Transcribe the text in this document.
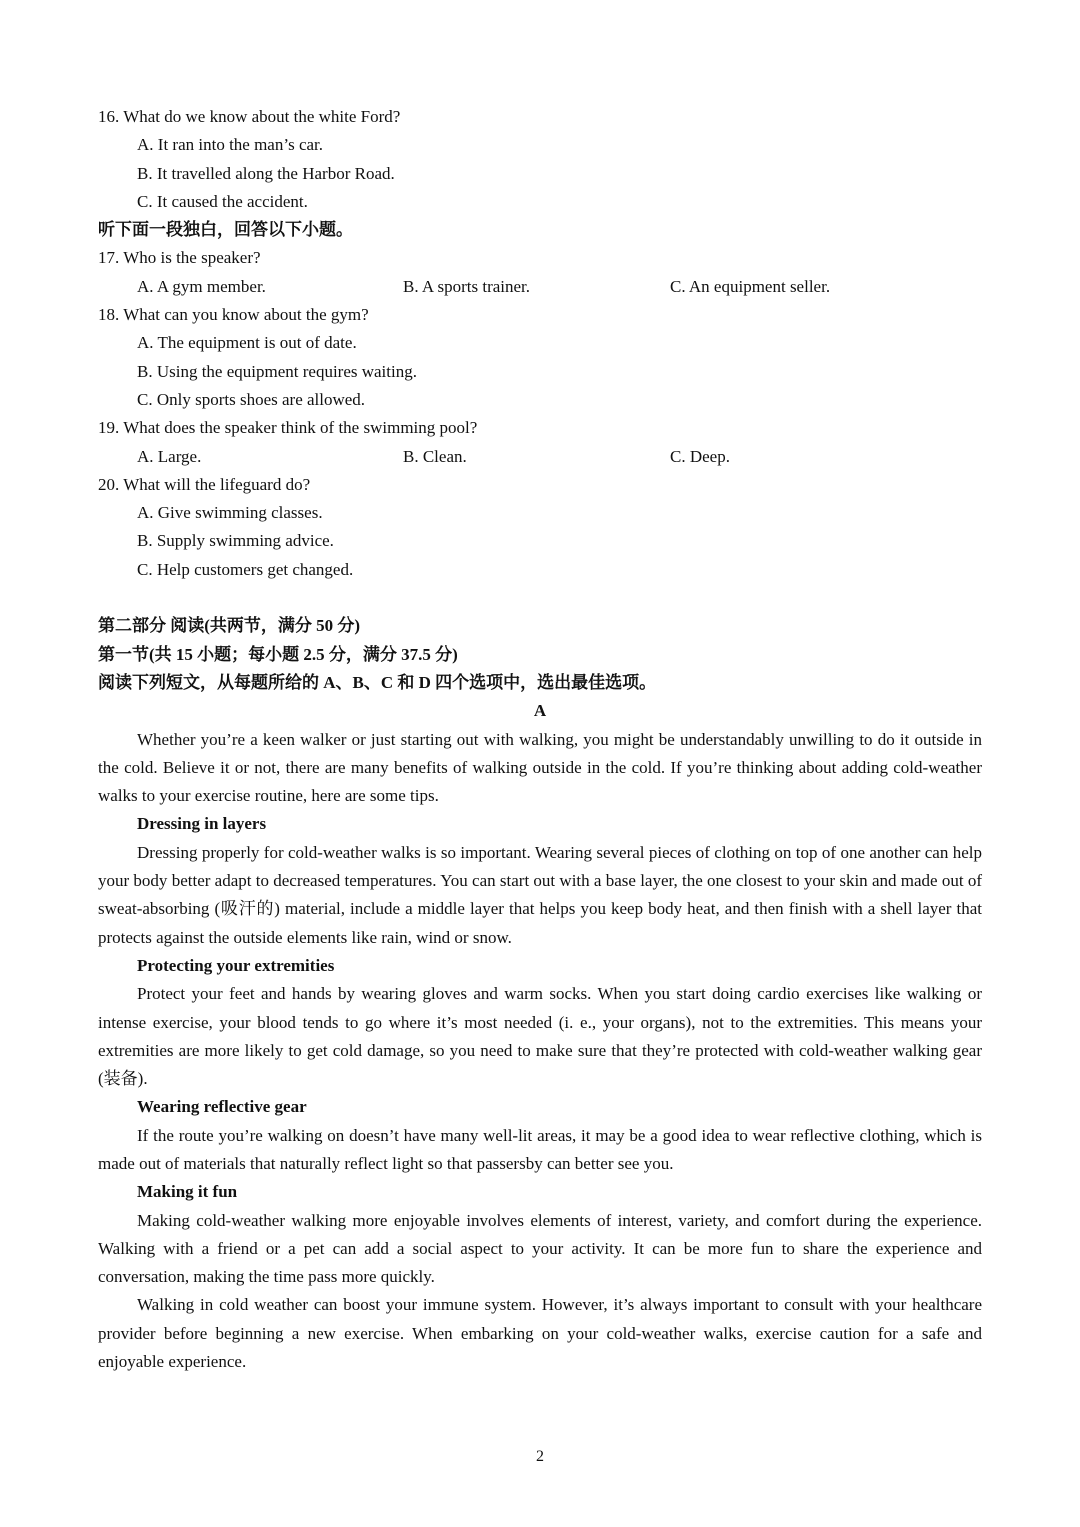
16. What do we know about the white Ford?
A. It ran into the man’s car.
B. It travelled along the Harbor Road.
C. It caused the accident.
听下面一段独白，回答以下小题。
17. Who is the speaker?
A. A gym member.	B. A sports trainer.	C. An equipment seller.
18. What can you know about the gym?
A. The equipment is out of date.
B. Using the equipment requires waiting.
C. Only sports shoes are allowed.
19. What does the speaker think of the swimming pool?
A. Large.	B. Clean.	C. Deep.
20. What will the lifeguard do?
A. Give swimming classes.
B. Supply swimming advice.
C. Help customers get changed.
第二部分 阅读(共两节，满分 50 分)
第一节(共 15 小题；每小题 2.5 分，满分 37.5 分)
阅读下列短文，从每题所给的 A、B、C 和 D 四个选项中，选出最佳选项。
A

Whether you’re a keen walker or just starting out with walking, you might be understandably unwilling to do it outside in the cold. Believe it or not, there are many benefits of walking outside in the cold. If you’re thinking about adding cold-weather walks to your exercise routine, here are some tips.

Dressing in layers

Dressing properly for cold-weather walks is so important. Wearing several pieces of clothing on top of one another can help your body better adapt to decreased temperatures. You can start out with a base layer, the one closest to your skin and made out of sweat-absorbing (吸汗的) material, include a middle layer that helps you keep body heat, and then finish with a shell layer that protects against the outside elements like rain, wind or snow.

Protecting your extremities

Protect your feet and hands by wearing gloves and warm socks. When you start doing cardio exercises like walking or intense exercise, your blood tends to go where it’s most needed (i. e., your organs), not to the extremities. This means your extremities are more likely to get cold damage, so you need to make sure that they’re protected with cold-weather walking gear (装备).

Wearing reflective gear

If the route you’re walking on doesn’t have many well-lit areas, it may be a good idea to wear reflective clothing, which is made out of materials that naturally reflect light so that passersby can better see you.

Making it fun

Making cold-weather walking more enjoyable involves elements of interest, variety, and comfort during the experience. Walking with a friend or a pet can add a social aspect to your activity. It can be more fun to share the experience and conversation, making the time pass more quickly.

Walking in cold weather can boost your immune system. However, it’s always important to consult with your healthcare provider before beginning a new exercise. When embarking on your cold-weather walks, exercise caution for a safe and enjoyable experience.

2
